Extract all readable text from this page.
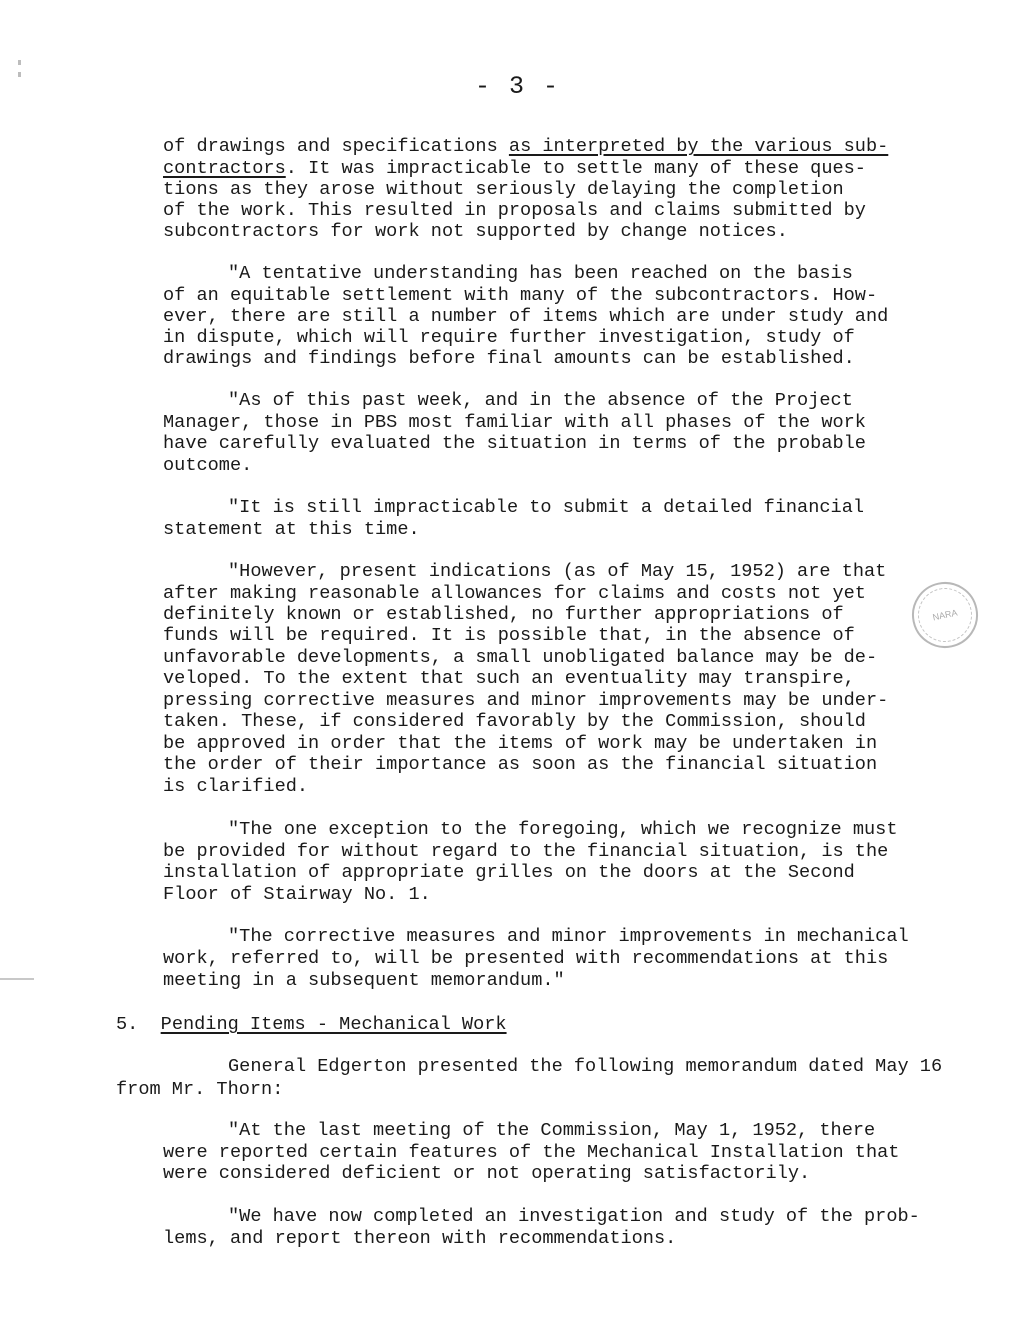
- 3 -
of drawings and specifications as interpreted by the various sub-
contractors. It was impracticable to settle many of these ques-
tions as they arose without seriously delaying the completion
of the work. This resulted in proposals and claims submitted by
subcontractors for work not supported by change notices.
"A tentative understanding has been reached on the basis
of an equitable settlement with many of the subcontractors. How-
ever, there are still a number of items which are under study and
in dispute, which will require further investigation, study of
drawings and findings before final amounts can be established.
"As of this past week, and in the absence of the Project
Manager, those in PBS most familiar with all phases of the work
have carefully evaluated the situation in terms of the probable
outcome.
"It is still impracticable to submit a detailed financial
statement at this time.
"However, present indications (as of May 15, 1952) are that
after making reasonable allowances for claims and costs not yet
definitely known or established, no further appropriations of
funds will be required. It is possible that, in the absence of
unfavorable developments, a small unobligated balance may be de-
veloped. To the extent that such an eventuality may transpire,
pressing corrective measures and minor improvements may be under-
taken. These, if considered favorably by the Commission, should
be approved in order that the items of work may be undertaken in
the order of their importance as soon as the financial situation
is clarified.
"The one exception to the foregoing, which we recognize must
be provided for without regard to the financial situation, is the
installation of appropriate grilles on the doors at the Second
Floor of Stairway No. 1.
"The corrective measures and minor improvements in mechanical
work, referred to, will be presented with recommendations at this
meeting in a subsequent memorandum."
5. Pending Items - Mechanical Work
General Edgerton presented the following memorandum dated May 16
from Mr. Thorn:
"At the last meeting of the Commission, May 1, 1952, there
were reported certain features of the Mechanical Installation that
were considered deficient or not operating satisfactorily.
"We have now completed an investigation and study of the prob-
lems, and report thereon with recommendations.
NARA
